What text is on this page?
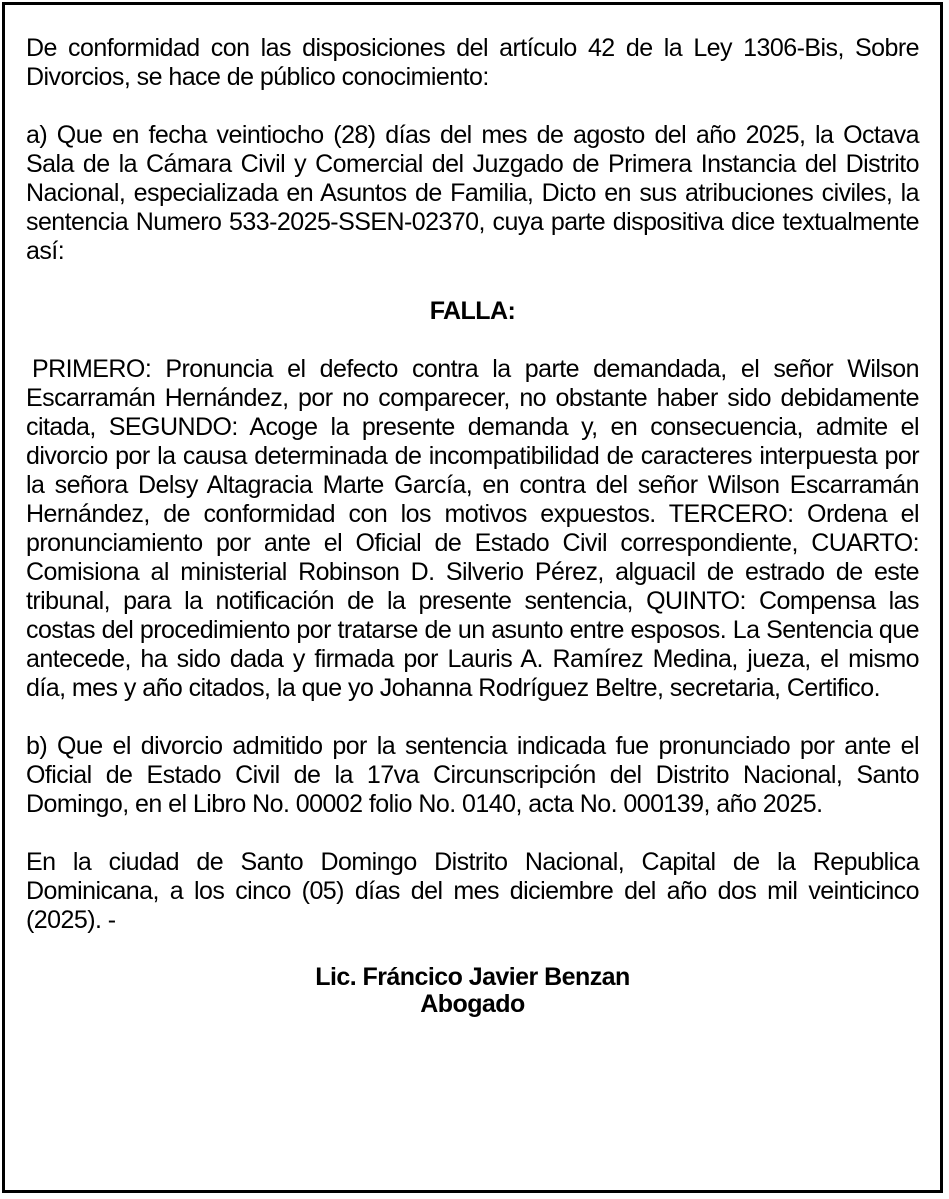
De conformidad con las disposiciones del artículo 42 de la Ley 1306-Bis, Sobre Divorcios, se hace de público conocimiento:

a) Que en fecha veintiocho (28) días del mes de agosto del año 2025, la Octava Sala de la Cámara Civil y Comercial del Juzgado de Primera Instancia del Distrito Nacional, especializada en Asuntos de Familia, Dicto en sus atribuciones civiles, la sentencia Numero 533-2025-SSEN-02370, cuya parte dispositiva dice textualmente así:

FALLA:

PRIMERO: Pronuncia el defecto contra la parte demandada, el señor Wilson Escarramán Hernández, por no comparecer, no obstante haber sido debidamente citada, SEGUNDO: Acoge la presente demanda y, en consecuencia, admite el divorcio por la causa determinada de incompatibilidad de caracteres interpuesta por la señora Delsy Altagracia Marte García, en contra del señor Wilson Escarramán Hernández, de conformidad con los motivos expuestos. TERCERO: Ordena el pronunciamiento por ante el Oficial de Estado Civil correspondiente, CUARTO: Comisiona al ministerial Robinson D. Silverio Pérez, alguacil de estrado de este tribunal, para la notificación de la presente sentencia, QUINTO: Compensa las costas del procedimiento por tratarse de un asunto entre esposos. La Sentencia que antecede, ha sido dada y firmada por Lauris A. Ramírez Medina, jueza, el mismo día, mes y año citados, la que yo Johanna Rodríguez Beltre, secretaria, Certifico.

b) Que el divorcio admitido por la sentencia indicada fue pronunciado por ante el Oficial de Estado Civil de la 17va Circunscripción del Distrito Nacional, Santo Domingo, en el Libro No. 00002 folio No. 0140, acta No. 000139, año 2025.

En la ciudad de Santo Domingo Distrito Nacional, Capital de la Republica Dominicana, a los cinco (05) días del mes diciembre del año dos mil veinticinco (2025). -

Lic. Fráncico Javier Benzan
Abogado
